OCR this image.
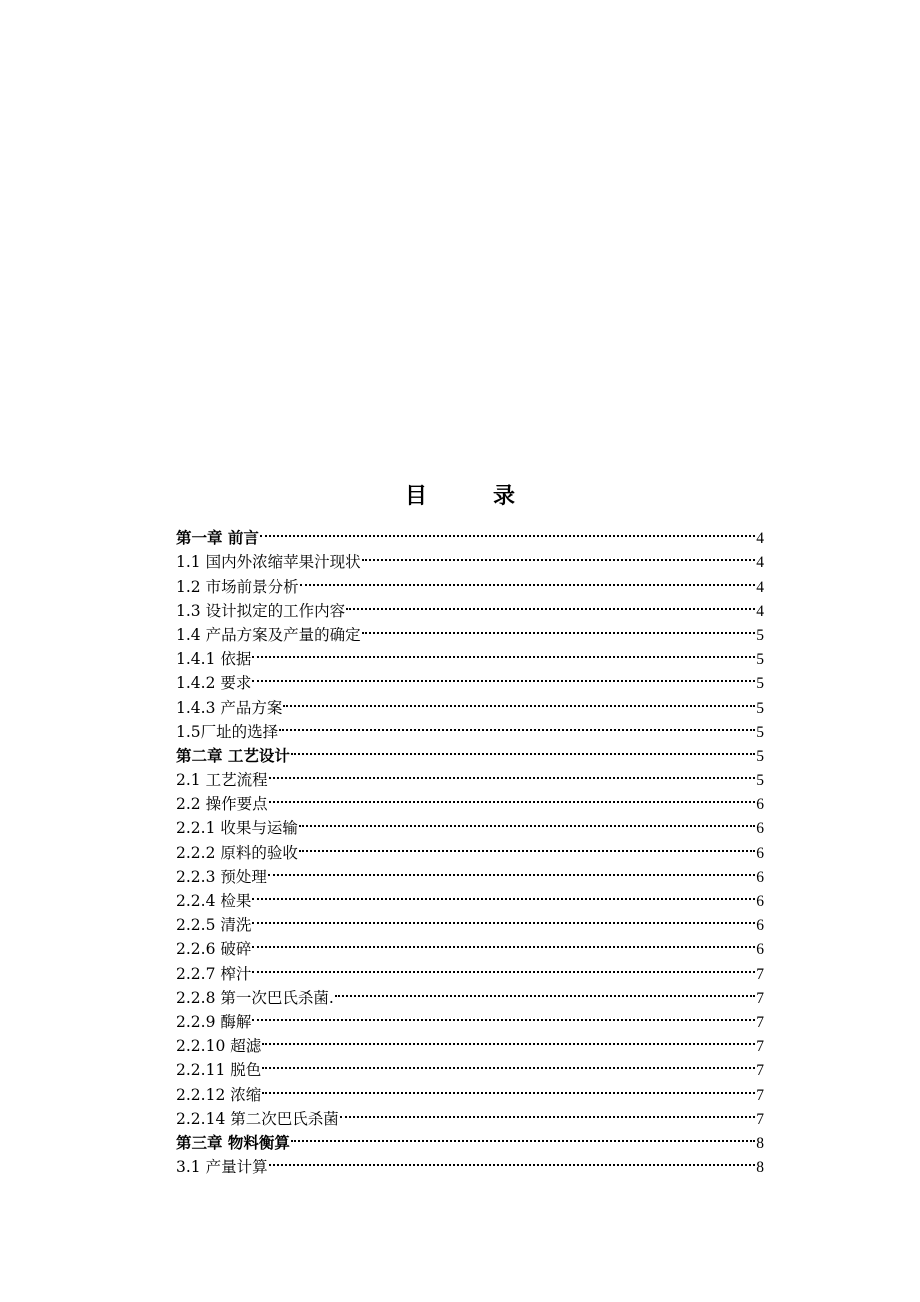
目　录
第一章 前言	4
1.1 国内外浓缩苹果汁现状	4
1.2 市场前景分析	4
1.3 设计拟定的工作内容	4
1.4 产品方案及产量的确定	5
1.4.1 依据	5
1.4.2 要求	5
1.4.3 产品方案	5
1.5厂址的选择	5
第二章 工艺设计	5
2.1 工艺流程	5
2.2 操作要点	6
2.2.1 收果与运输	6
2.2.2 原料的验收	6
2.2.3 预处理	6
2.2.4 检果	6
2.2.5 清洗	6
2.2.6 破碎	6
2.2.7 榨汁	7
2.2.8 第一次巴氏杀菌.	7
2.2.9 酶解	7
2.2.10 超滤	7
2.2.11 脱色	7
2.2.12 浓缩	7
2.2.14 第二次巴氏杀菌	7
第三章 物料衡算	8
3.1 产量计算	8
